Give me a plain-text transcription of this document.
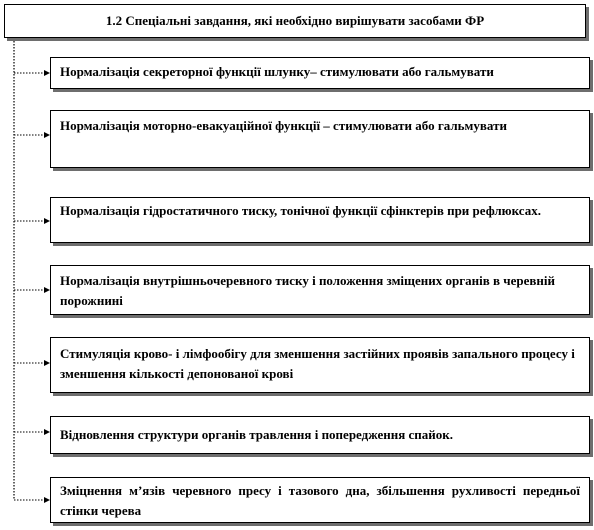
1.2 Спеціальні завдання, які необхідно вирішувати засобами ФР
Нормалізація секреторної функції шлунку– стимулювати або гальмувати
Нормалізація моторно-евакуаційної функції – стимулювати або гальмувати
Нормалізація гідростатичного тиску, тонічної функції сфінктерів при рефлюксах.
Нормалізація внутрішньочеревного тиску і положення зміщених органів в черевній порожнині
Стимуляція крово- і лімфообігу для зменшення застійних проявів запального процесу і зменшення кількості депонованої крові
Відновлення структури органів травлення і попередження спайок.
Зміцнення м’язів черевного пресу і тазового дна, збільшення рухливості передньої стінки черева
